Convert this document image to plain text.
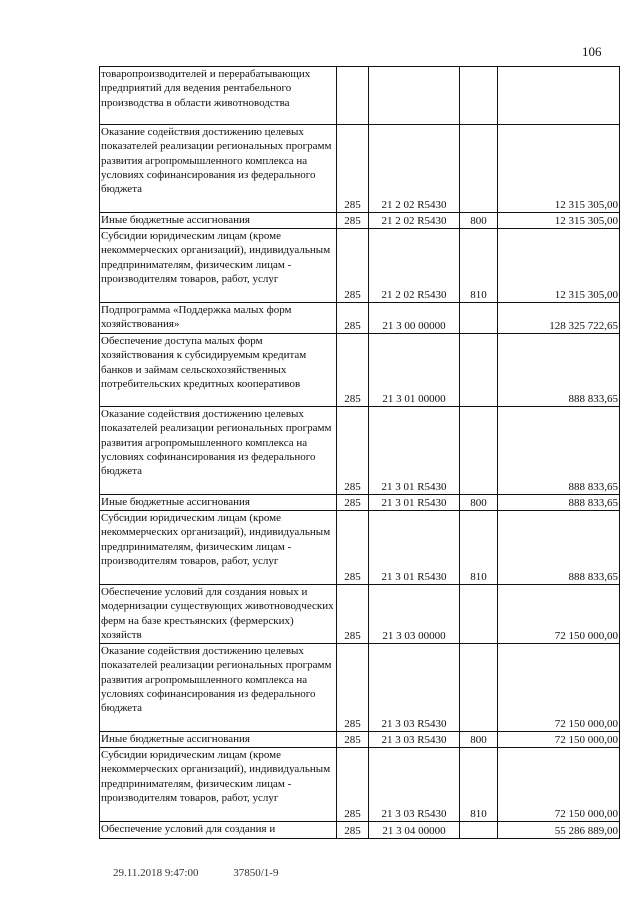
106
товаропроизводителей и перерабатывающих предприятий для ведения рентабельного производства в области животноводства				
Оказание содействия достижению целевых показателей реализации региональных программ развития агропромышленного комплекса на условиях софинансирования из федерального бюджета	285	21 2 02 R5430		12 315 305,00
Иные бюджетные ассигнования	285	21 2 02 R5430	800	12 315 305,00
Субсидии юридическим лицам (кроме некоммерческих организаций), индивидуальным предпринимателям, физическим лицам - производителям товаров, работ, услуг	285	21 2 02 R5430	810	12 315 305,00
Подпрограмма «Поддержка малых форм хозяйствования»	285	21 3 00 00000		128 325 722,65
Обеспечение доступа малых форм хозяйствования к субсидируемым кредитам банков и займам сельскохозяйственных потребительских кредитных кооперативов	285	21 3 01 00000		888 833,65
Оказание содействия достижению целевых показателей реализации региональных программ развития агропромышленного комплекса на условиях софинансирования из федерального бюджета	285	21 3 01 R5430		888 833,65
Иные бюджетные ассигнования	285	21 3 01 R5430	800	888 833,65
Субсидии юридическим лицам (кроме некоммерческих организаций), индивидуальным предпринимателям, физическим лицам - производителям товаров, работ, услуг	285	21 3 01 R5430	810	888 833,65
Обеспечение условий для создания новых и модернизации существующих животноводческих ферм на базе крестьянских (фермерских) хозяйств	285	21 3 03 00000		72 150 000,00
Оказание содействия достижению целевых показателей реализации региональных программ развития агропромышленного комплекса на условиях софинансирования из федерального бюджета	285	21 3 03 R5430		72 150 000,00
Иные бюджетные ассигнования	285	21 3 03 R5430	800	72 150 000,00
Субсидии юридическим лицам (кроме некоммерческих организаций), индивидуальным предпринимателям, физическим лицам - производителям товаров, работ, услуг	285	21 3 03 R5430	810	72 150 000,00
Обеспечение условий для создания и	285	21 3 04 00000		55 286 889,00
29.11.2018 9:47:00	37850/1-9
